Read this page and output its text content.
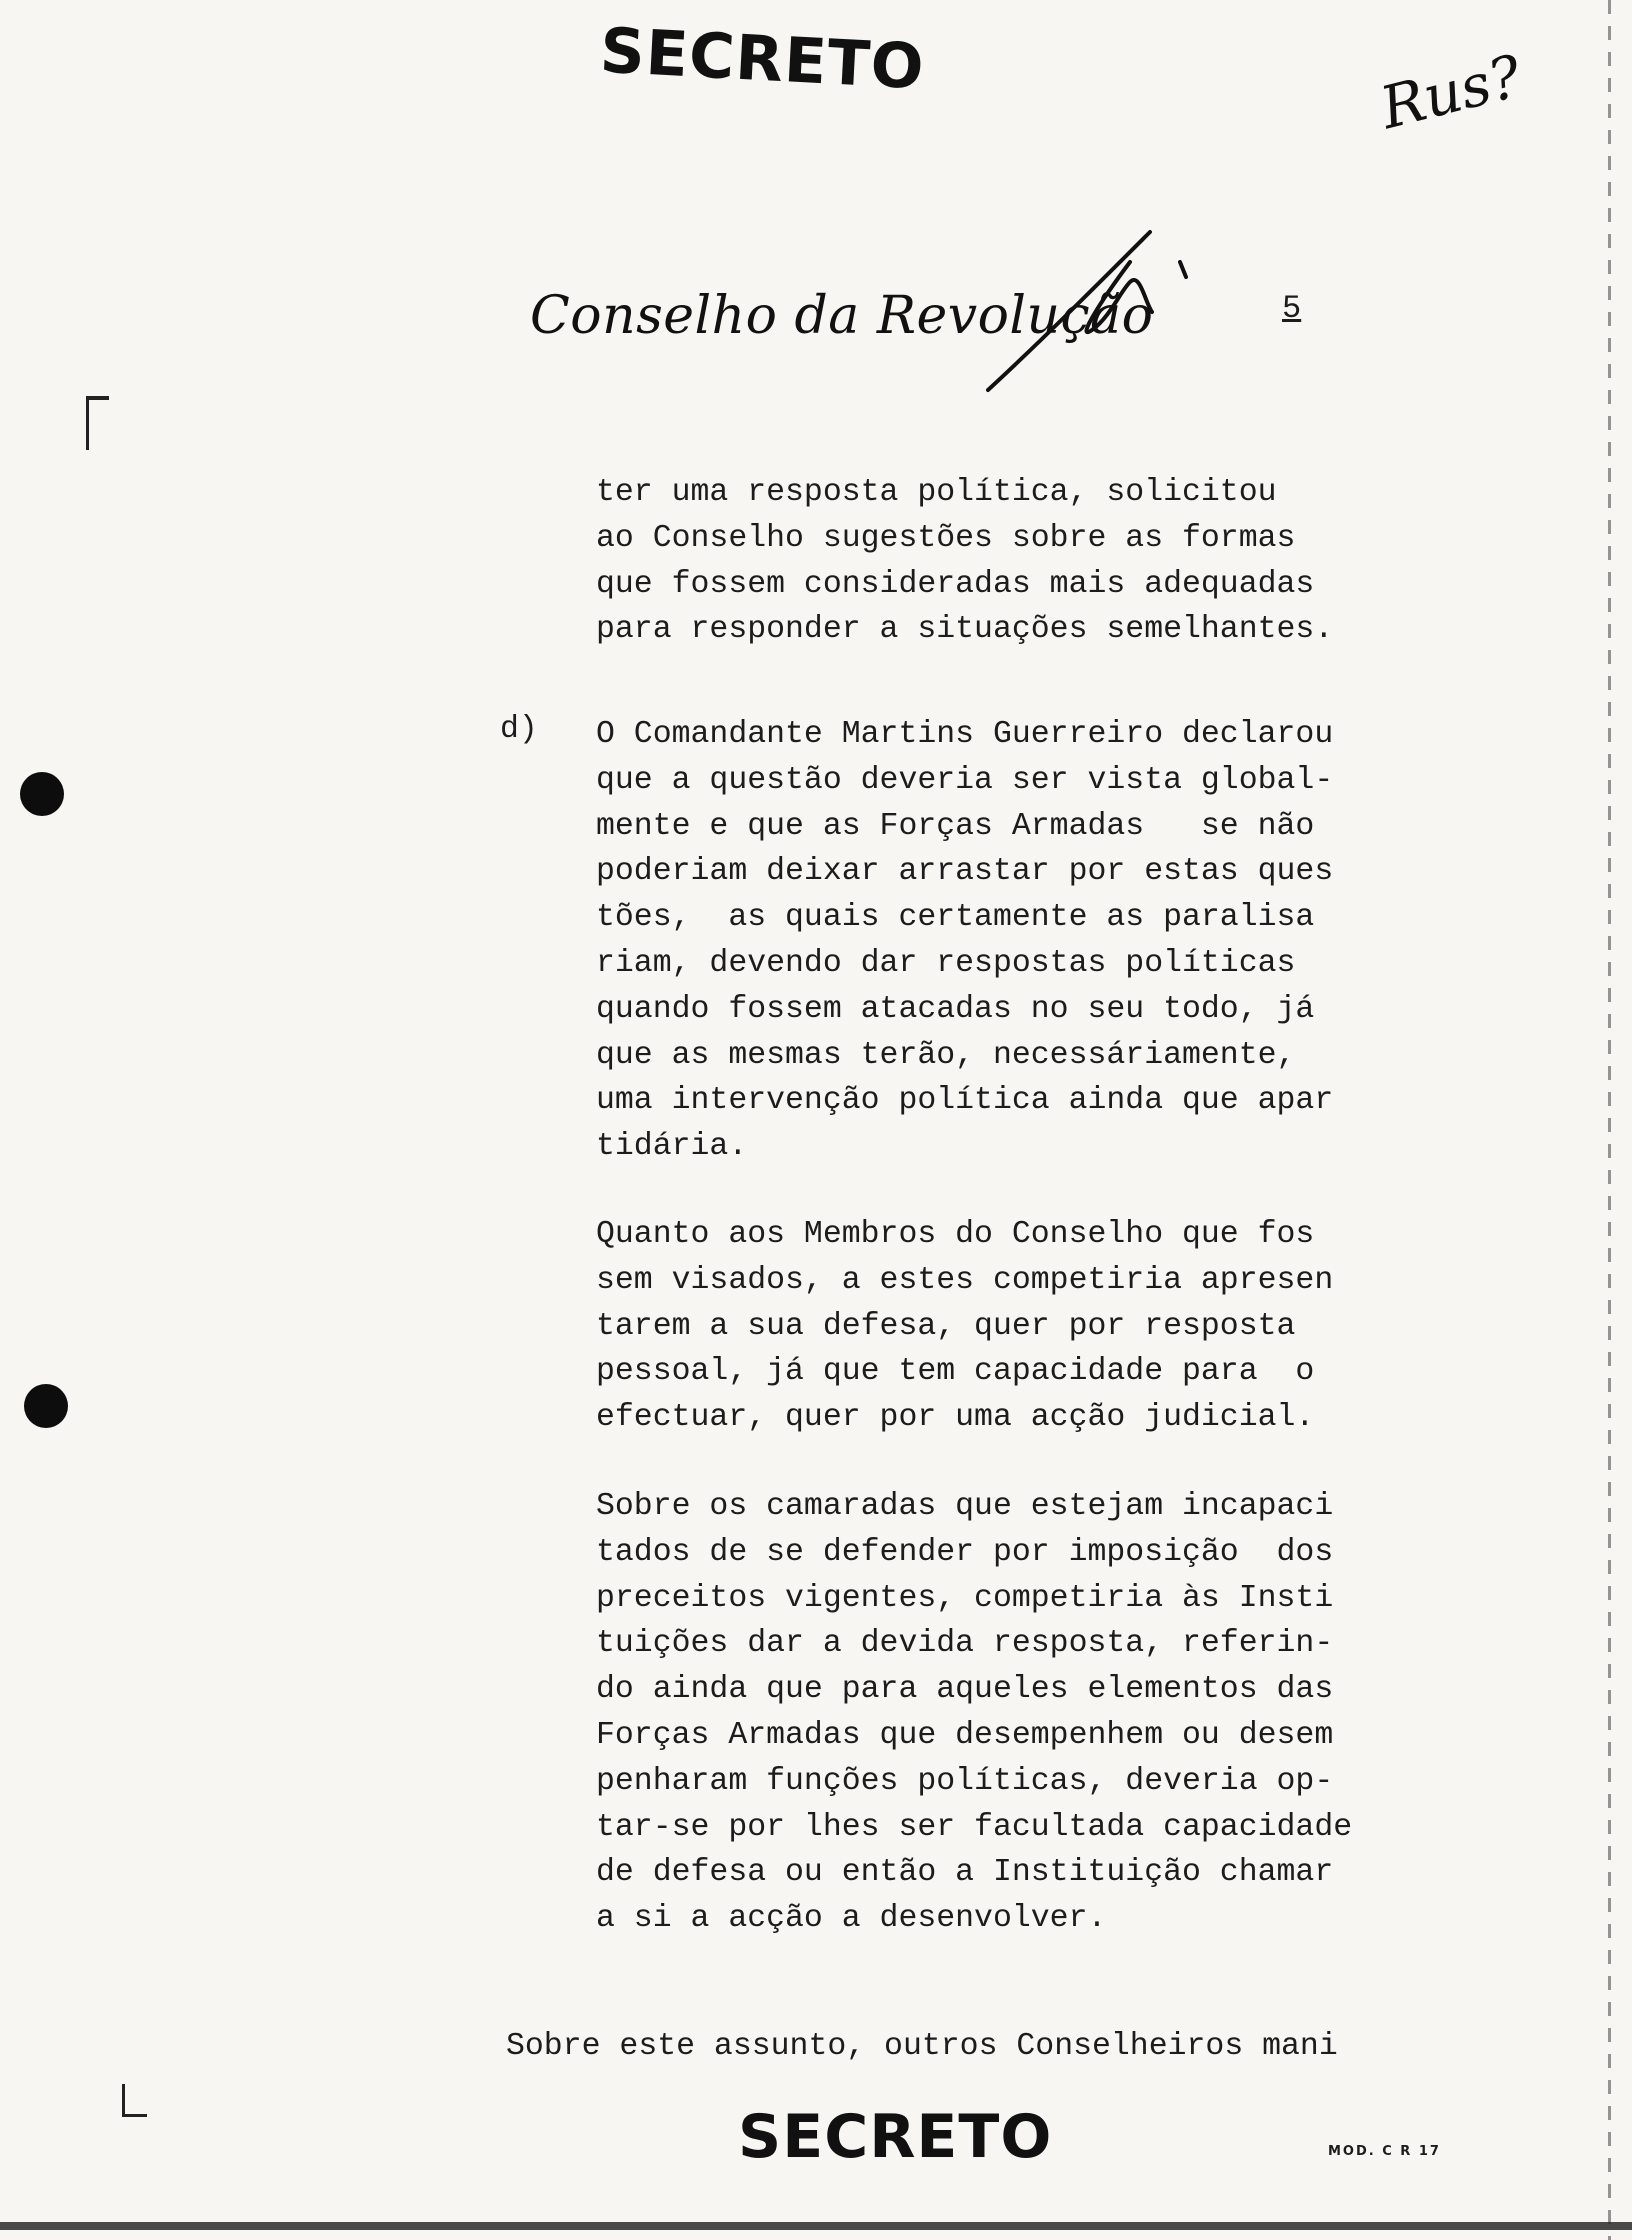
SECRETO	Rus?
Conselho da Revolução	5
ter uma resposta política, solicitou
ao Conselho sugestões sobre as formas
que fossem consideradas mais adequadas
para responder a situações semelhantes.
d) O Comandante Martins Guerreiro declarou
que a questão deveria ser vista global-
mente e que as Forças Armadas   se não
poderiam deixar arrastar por estas ques
tões,  as quais certamente as paralisa
riam, devendo dar respostas políticas
quando fossem atacadas no seu todo, já
que as mesmas terão, necessáriamente,
uma intervenção política ainda que apar
tidária.
Quanto aos Membros do Conselho que fos
sem visados, a estes competiria apresen
tarem a sua defesa, quer por resposta
pessoal, já que tem capacidade para  o
efectuar, quer por uma acção judicial.
Sobre os camaradas que estejam incapaci
tados de se defender por imposição  dos
preceitos vigentes, competiria às Insti
tuições dar a devida resposta, referin-
do ainda que para aqueles elementos das
Forças Armadas que desempenhem ou desem
penharam funções políticas, deveria op-
tar-se por lhes ser facultada capacidade
de defesa ou então a Instituição chamar
a si a acção a desenvolver.
Sobre este assunto, outros Conselheiros mani
SECRETO	MOD. C R 17
